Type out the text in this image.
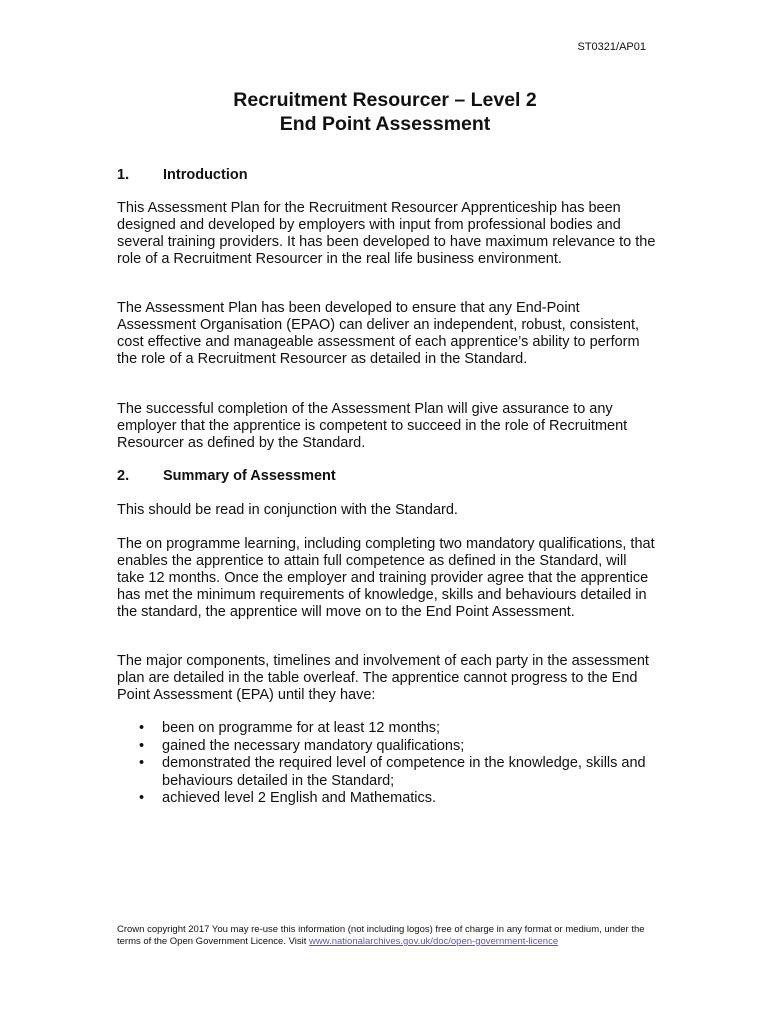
ST0321/AP01
Recruitment Resourcer – Level 2
End Point Assessment
1. Introduction

This Assessment Plan for the Recruitment Resourcer Apprenticeship has been designed and developed by employers with input from professional bodies and several training providers. It has been developed to have maximum relevance to the role of a Recruitment Resourcer in the real life business environment.

The Assessment Plan has been developed to ensure that any End-Point Assessment Organisation (EPAO) can deliver an independent, robust, consistent, cost effective and manageable assessment of each apprentice’s ability to perform the role of a Recruitment Resourcer as detailed in the Standard.

The successful completion of the Assessment Plan will give assurance to any employer that the apprentice is competent to succeed in the role of Recruitment Resourcer as defined by the Standard.

2. Summary of Assessment

This should be read in conjunction with the Standard.

The on programme learning, including completing two mandatory qualifications, that enables the apprentice to attain full competence as defined in the Standard, will take 12 months. Once the employer and training provider agree that the apprentice has met the minimum requirements of knowledge, skills and behaviours detailed in the standard, the apprentice will move on to the End Point Assessment.

The major components, timelines and involvement of each party in the assessment plan are detailed in the table overleaf. The apprentice cannot progress to the End Point Assessment (EPA) until they have:

• been on programme for at least 12 months;
• gained the necessary mandatory qualifications;
• demonstrated the required level of competence in the knowledge, skills and behaviours detailed in the Standard;
• achieved level 2 English and Mathematics.
Crown copyright 2017 You may re-use this information (not including logos) free of charge in any format or medium, under the terms of the Open Government Licence. Visit www.nationalarchives.gov.uk/doc/open-government-licence
